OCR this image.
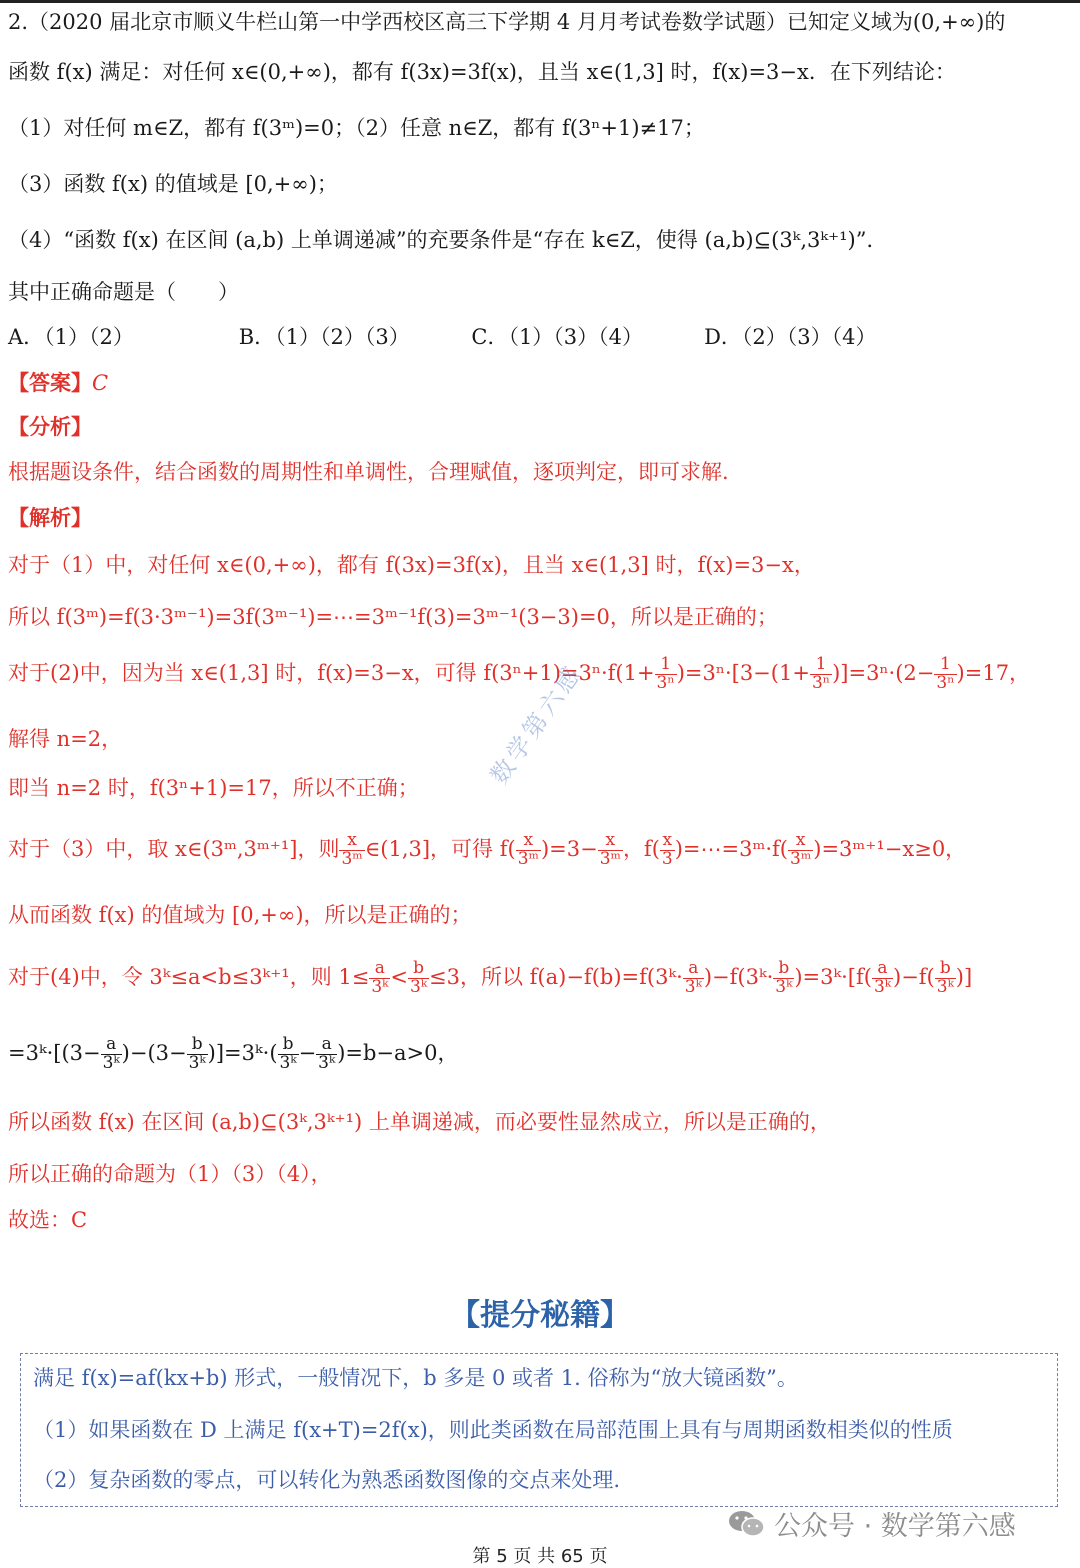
2.（2020 届北京市顺义牛栏山第一中学西校区高三下学期 4 月月考试卷数学试题）已知定义域为(0,+∞)的
函数 f(x) 满足：对任何 x∈(0,+∞)，都有 f(3x)=3f(x)，且当 x∈(1,3] 时，f(x)=3−x．在下列结论：
（1）对任何 m∈Z，都有 f(3ᵐ)=0；（2）任意 n∈Z，都有 f(3ⁿ+1)≠17；
（3）函数 f(x) 的值域是 [0,+∞)；
（4）“函数 f(x) 在区间 (a,b) 上单调递减”的充要条件是“存在 k∈Z，使得 (a,b)⊆(3ᵏ,3ᵏ⁺¹)”．
其中正确命题是（　　）
A．（1）（2）	B．（1）（2）（3）	C．（1）（3）（4）	D．（2）（3）（4）
【答案】C
【分析】
根据题设条件，结合函数的周期性和单调性，合理赋值，逐项判定，即可求解.
【解析】
对于（1）中，对任何 x∈(0,+∞)，都有 f(3x)=3f(x)，且当 x∈(1,3] 时，f(x)=3−x，
所以 f(3ᵐ)=f(3·3ᵐ⁻¹)=3f(3ᵐ⁻¹)=⋯=3ᵐ⁻¹f(3)=3ᵐ⁻¹(3−3)=0，所以是正确的；
对于(2)中，因为当 x∈(1,3] 时，f(x)=3−x，可得 $f(3^n+1)=3^n\cdot f(1+ \frac{1}{\text{3ⁿ}} )=3^n\cdot[3-(1+ \frac{1}{\text{3ⁿ}} )]=3^n\cdot(2- \frac{1}{\text{3ⁿ}} )=17$，
解得 n=2，
即当 n=2 时，f(3ⁿ+1)=17，所以不正确；
对于（3）中，取 x∈(3ᵐ,3ᵐ⁺¹]，则 $\frac{x}{\text{3ᵐ}}$ ∈(1,3]，可得 $f( \frac{x}{\text{3ᵐ}} )=3- \frac{x}{\text{3ᵐ}}$ ，$f( \frac{x}{3}$ )=⋯=3ᵐ·f( $\frac{x}{\text{3ᵐ}}$ )=3ᵐ⁺¹−x≥0，
从而函数 f(x) 的值域为 [0,+∞)，所以是正确的；
对于(4)中，令 3ᵏ≤a<b≤3ᵏ⁺¹，则 $1\le \frac{a}{\text{3ᵏ}} < \frac{b}{\text{3ᵏ}} \le 3$，所以 f(a)−f(b)=f(3ᵏ· $\frac{a}{\text{3ᵏ}}$ )−f(3ᵏ· $\frac{b}{\text{3ᵏ}}$ )=3ᵏ·[f( $\frac{a}{\text{3ᵏ}} )-f( \frac{b}{\text{3ᵏ}}$ )]
=3ᵏ·[(3− $\frac{a}{\text{3ᵏ}} )-(3- \frac{b}{\text{3ᵏ}}$ )]=3ᵏ·( $\frac{b}{\text{3ᵏ}} - \frac{a}{\text{3ᵏ}} )=b-a>0$，
所以函数 f(x) 在区间 (a,b)⊆(3ᵏ,3ᵏ⁺¹) 上单调递减，而必要性显然成立，所以是正确的，
所以正确的命题为（1）（3）（4），
故选：C
数学第六感
【提分秘籍】
满足 f(x)=af(kx+b) 形式，一般情况下，b 多是 0 或者 1. 俗称为“放大镜函数”。
（1）如果函数在 D 上满足 f(x+T)=2f(x)，则此类函数在局部范围上具有与周期函数相类似的性质
（2）复杂函数的零点，可以转化为熟悉函数图像的交点来处理.
公众号 · 数学第六感
第 5 页 共 65 页
